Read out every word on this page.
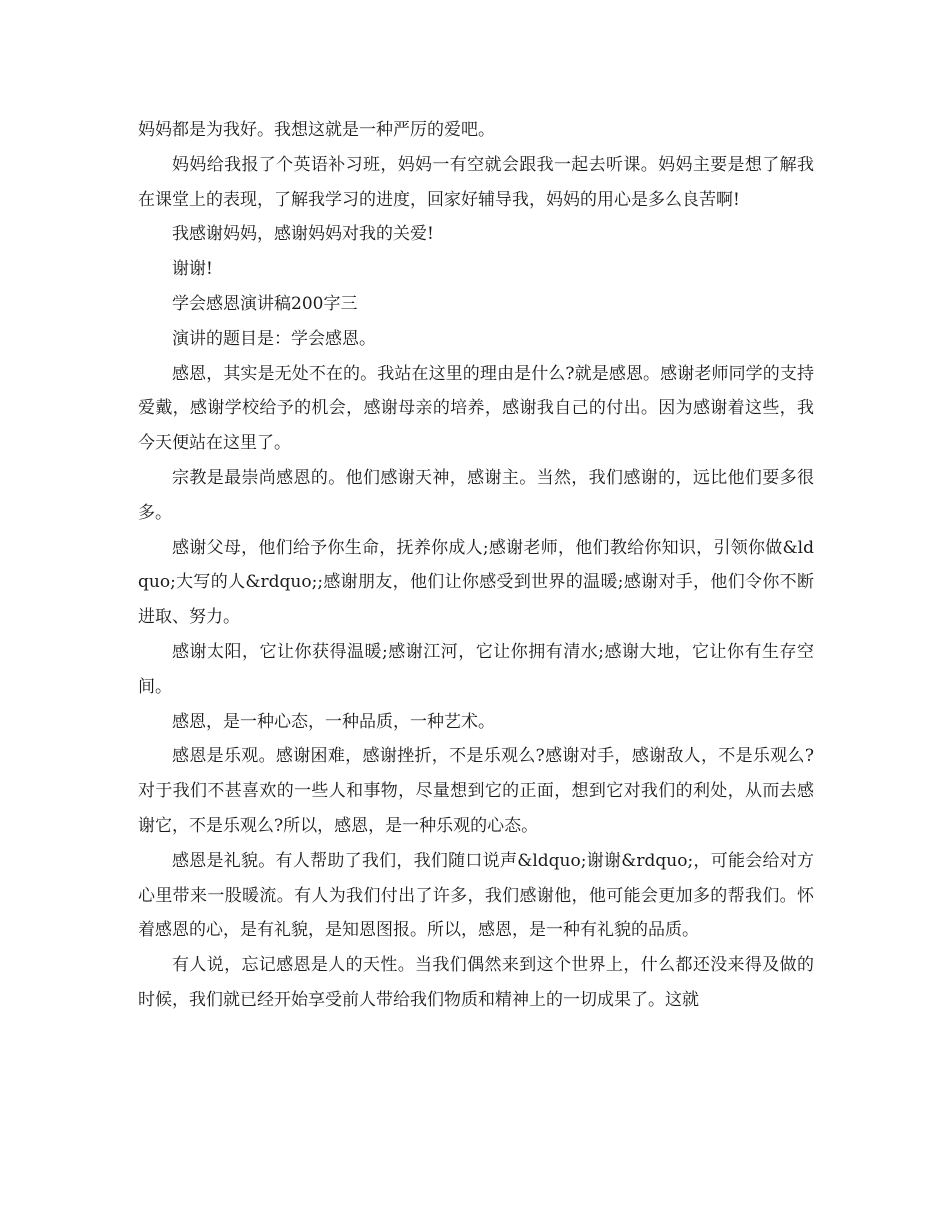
妈妈都是为我好。我想这就是一种严厉的爱吧。

妈妈给我报了个英语补习班，妈妈一有空就会跟我一起去听课。妈妈主要是想了解我在课堂上的表现，了解我学习的进度，回家好辅导我，妈妈的用心是多么良苦啊!

我感谢妈妈，感谢妈妈对我的关爱!

谢谢!

学会感恩演讲稿200字三

演讲的题目是：学会感恩。

感恩，其实是无处不在的。我站在这里的理由是什么?就是感恩。感谢老师同学的支持爱戴，感谢学校给予的机会，感谢母亲的培养，感谢我自己的付出。因为感谢着这些，我今天便站在这里了。

宗教是最崇尚感恩的。他们感谢天神，感谢主。当然，我们感谢的，远比他们要多很多。

感谢父母，他们给予你生命，抚养你成人;感谢老师，他们教给你知识，引领你做&ldquo;大写的人&rdquo;;感谢朋友，他们让你感受到世界的温暖;感谢对手，他们令你不断进取、努力。

感谢太阳，它让你获得温暖;感谢江河，它让你拥有清水;感谢大地，它让你有生存空间。

感恩，是一种心态，一种品质，一种艺术。

感恩是乐观。感谢困难，感谢挫折，不是乐观么?感谢对手，感谢敌人，不是乐观么?对于我们不甚喜欢的一些人和事物，尽量想到它的正面，想到它对我们的利处，从而去感谢它，不是乐观么?所以，感恩，是一种乐观的心态。

感恩是礼貌。有人帮助了我们，我们随口说声&ldquo;谢谢&rdquo;，可能会给对方心里带来一股暖流。有人为我们付出了许多，我们感谢他，他可能会更加多的帮我们。怀着感恩的心，是有礼貌，是知恩图报。所以，感恩，是一种有礼貌的品质。

有人说，忘记感恩是人的天性。当我们偶然来到这个世界上，什么都还没来得及做的时候，我们就已经开始享受前人带给我们物质和精神上的一切成果了。这就
